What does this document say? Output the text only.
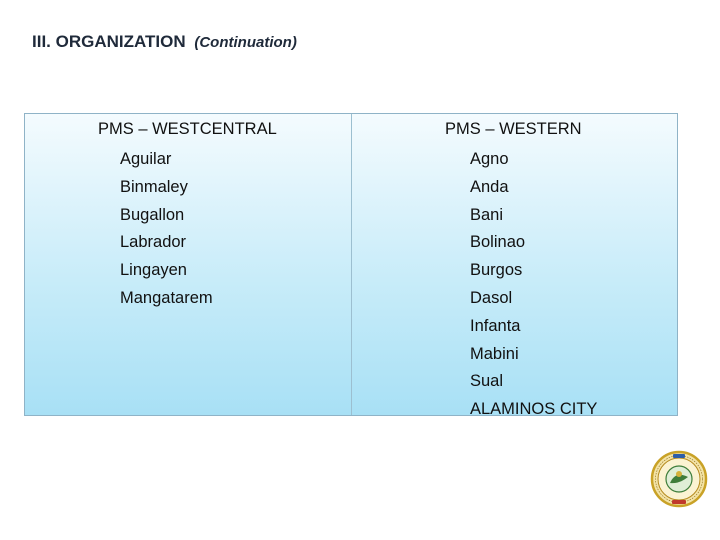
III. ORGANIZATION (Continuation)
PMS – WESTCENTRAL
Aguilar
Binmaley
Bugallon
Labrador
Lingayen
Mangatarem
PMS – WESTERN
Agno
Anda
Bani
Bolinao
Burgos
Dasol
Infanta
Mabini
Sual
ALAMINOS CITY
